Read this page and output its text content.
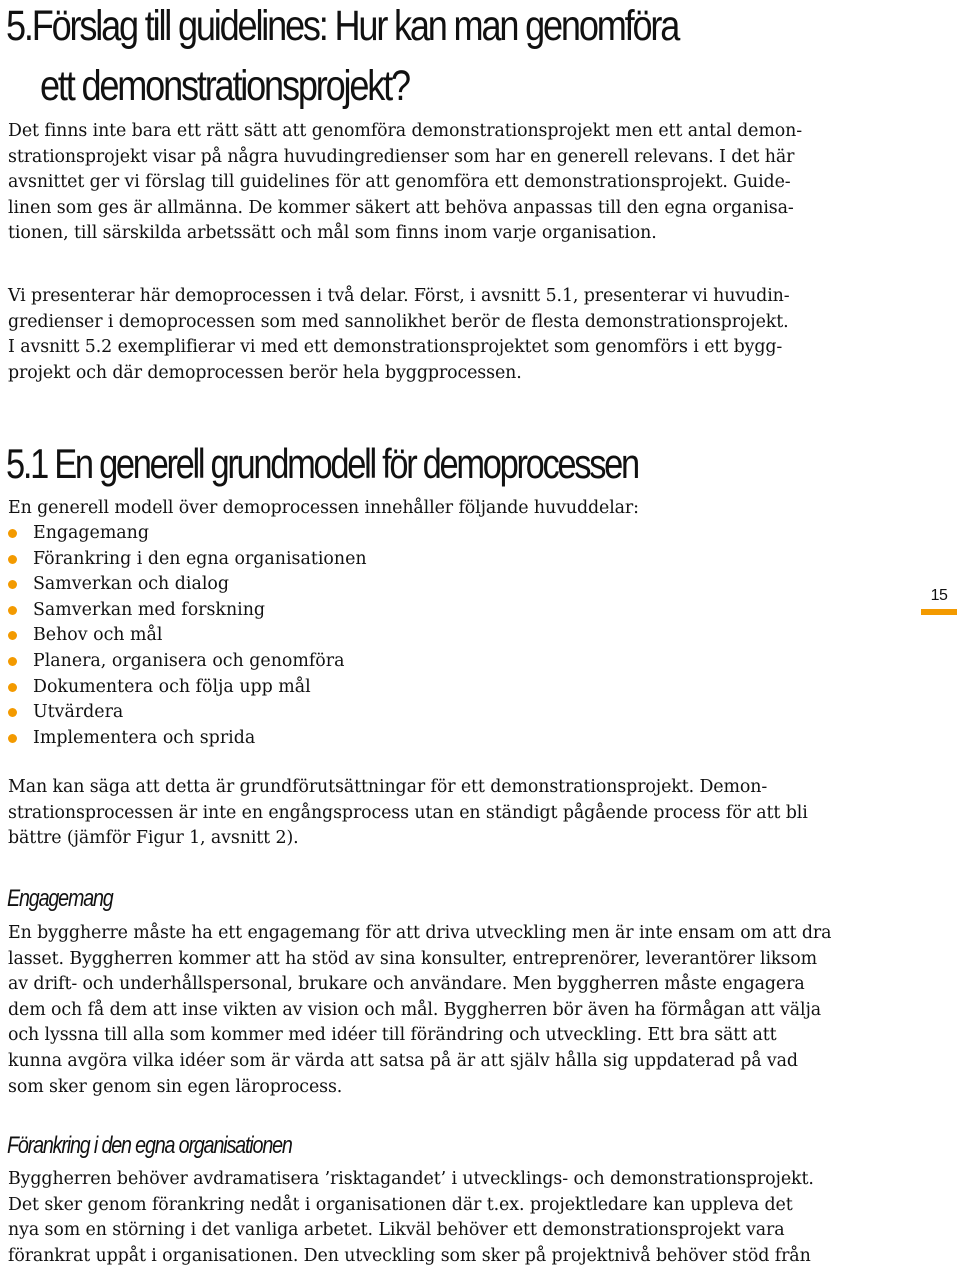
5.Förslag till guidelines: Hur kan man genomföra
ett demonstrationsprojekt?

Det finns inte bara ett rätt sätt att genomföra demonstrationsprojekt men ett antal demon-
strationsprojekt visar på några huvudingredienser som har en generell relevans. I det här
avsnittet ger vi förslag till guidelines för att genomföra ett demonstrationsprojekt. Guide-
linen som ges är allmänna. De kommer säkert att behöva anpassas till den egna organisa-
tionen, till särskilda arbetssätt och mål som finns inom varje organisation.

Vi presenterar här demoprocessen i två delar. Först, i avsnitt 5.1, presenterar vi huvudin-
gredienser i demoprocessen som med sannolikhet berör de flesta demonstrationsprojekt.
I avsnitt 5.2 exemplifierar vi med ett demonstrationsprojektet som genomförs i ett bygg-
projekt och där demoprocessen berör hela byggprocessen.

5.1 En generell grundmodell för demoprocessen

En generell modell över demoprocessen innehåller följande huvuddelar:

Engagemang
Förankring i den egna organisationen
Samverkan och dialog
Samverkan med forskning
Behov och mål
Planera, organisera och genomföra
Dokumentera och följa upp mål
Utvärdera
Implementera och sprida

Man kan säga att detta är grundförutsättningar för ett demonstrationsprojekt. Demon-
strationsprocessen är inte en engångsprocess utan en ständigt pågående process för att bli
bättre (jämför Figur 1, avsnitt 2).

Engagemang

En byggherre måste ha ett engagemang för att driva utveckling men är inte ensam om att dra
lasset. Byggherren kommer att ha stöd av sina konsulter, entreprenörer, leverantörer liksom
av drift- och underhållspersonal, brukare och användare. Men byggherren måste engagera
dem och få dem att inse vikten av vision och mål. Byggherren bör även ha förmågan att välja
och lyssna till alla som kommer med idéer till förändring och utveckling. Ett bra sätt att
kunna avgöra vilka idéer som är värda att satsa på är att själv hålla sig uppdaterad på vad
som sker genom sin egen läroprocess.

Förankring i den egna organisationen

Byggherren behöver avdramatisera ’risktagandet’ i utvecklings- och demonstrationsprojekt.
Det sker genom förankring nedåt i organisationen där t.ex. projektledare kan uppleva det
nya som en störning i det vanliga arbetet. Likväl behöver ett demonstrationsprojekt vara
förankrat uppåt i organisationen. Den utveckling som sker på projektnivå behöver stöd från

15
